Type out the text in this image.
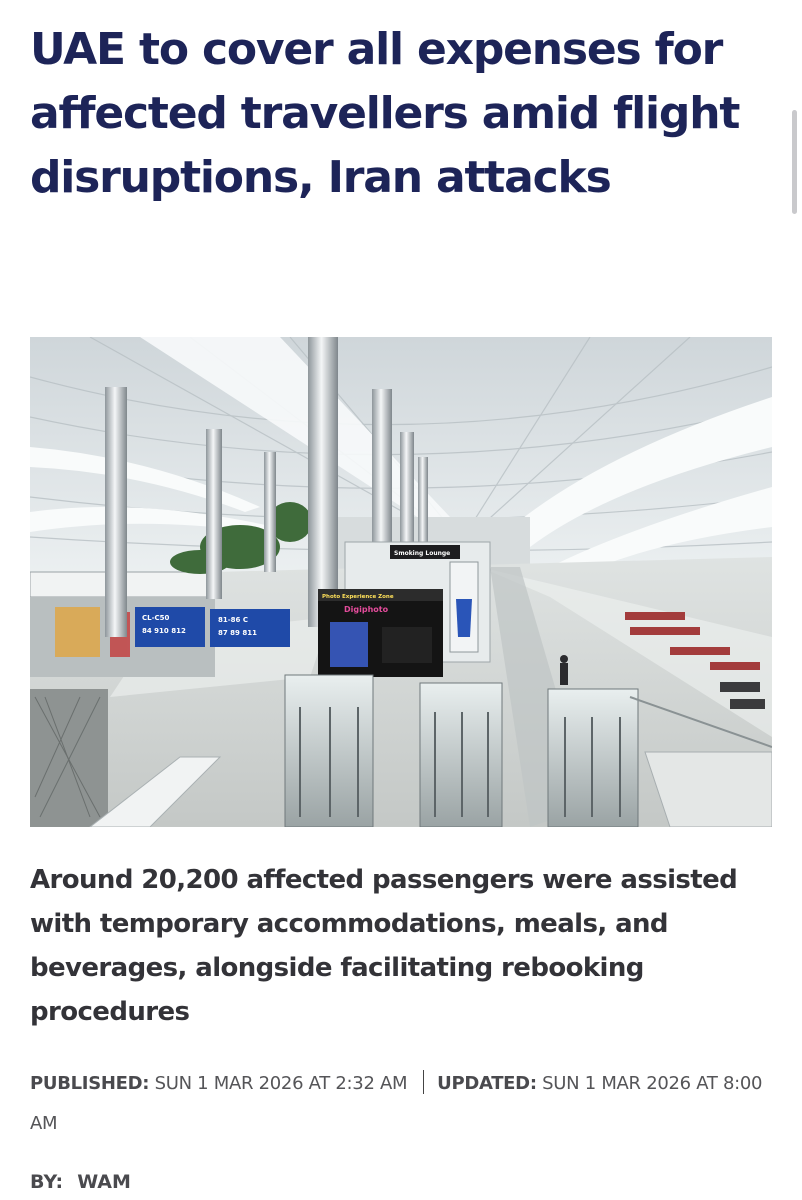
UAE to cover all expenses for affected travellers amid flight disruptions, Iran attacks
CL-C50
84 910 812
81-86 C
87 89 811
Smoking Lounge
Photo Experience Zone
Digiphoto

Around 20,200 affected passengers were assisted with temporary accommodations, meals, and beverages, alongside facilitating rebooking procedures

PUBLISHED: SUN 1 MAR 2026 AT 2:32 AM UPDATED: SUN 1 MAR 2026 AT 8:00 AM
BY: WAM
